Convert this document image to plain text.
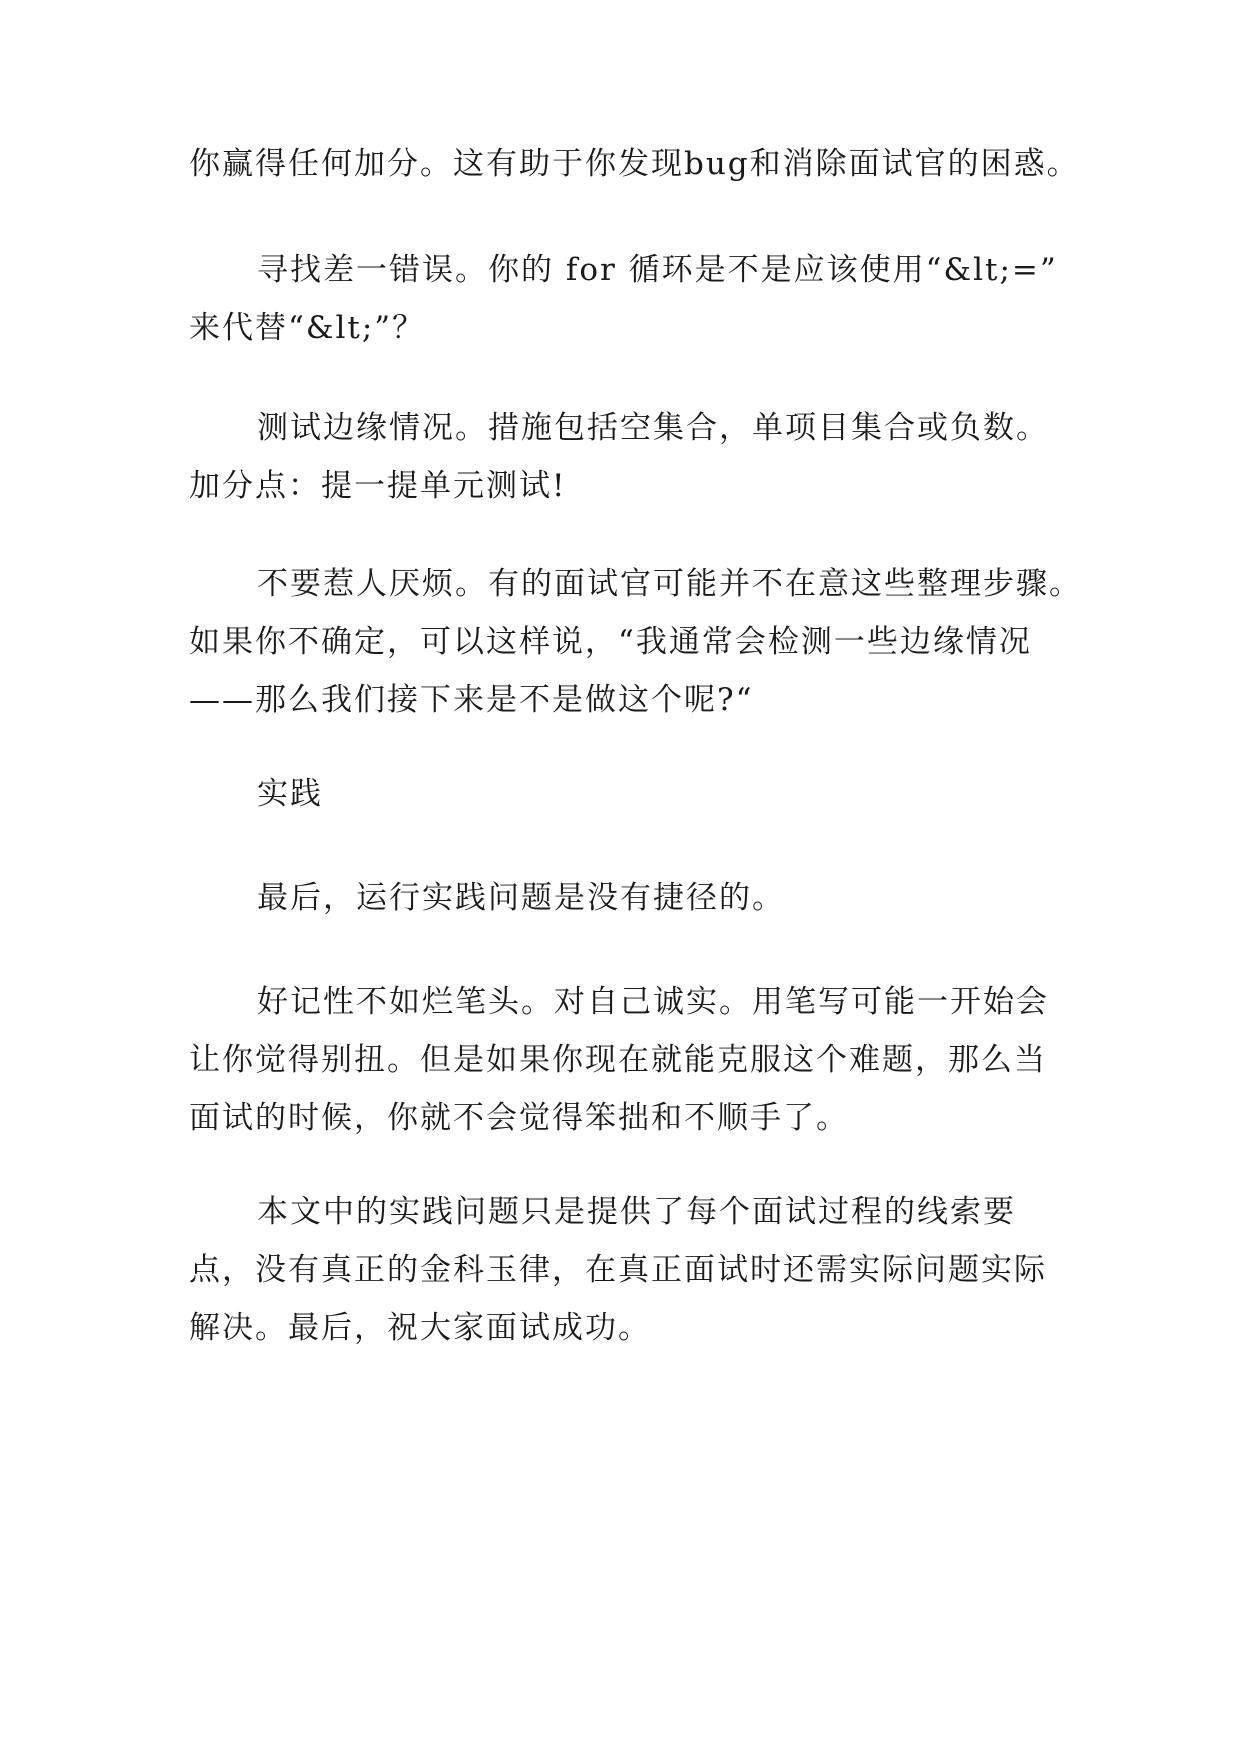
你赢得任何加分。这有助于你发现bug和消除面试官的困惑。

寻找差一错误。你的 for 循环是不是应该使用“&lt;=”
来代替“&lt;”？

测试边缘情况。措施包括空集合，单项目集合或负数。
加分点：提一提单元测试!

不要惹人厌烦。有的面试官可能并不在意这些整理步骤。
如果你不确定，可以这样说，“我通常会检测一些边缘情况
——那么我们接下来是不是做这个呢?“

实践

最后，运行实践问题是没有捷径的。

好记性不如烂笔头。对自己诚实。用笔写可能一开始会
让你觉得别扭。但是如果你现在就能克服这个难题，那么当
面试的时候，你就不会觉得笨拙和不顺手了。

本文中的实践问题只是提供了每个面试过程的线索要
点，没有真正的金科玉律，在真正面试时还需实际问题实际
解决。最后，祝大家面试成功。
